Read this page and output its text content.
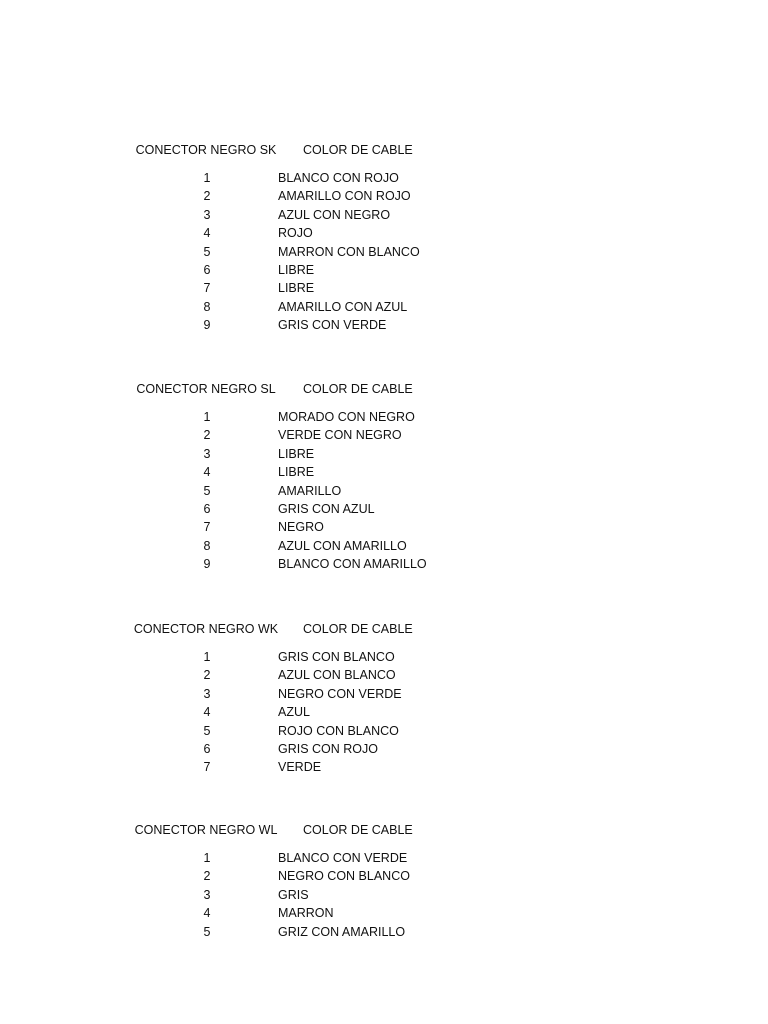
CONECTOR NEGRO SK COLOR DE CABLE
1	BLANCO CON ROJO
2	AMARILLO CON ROJO
3	AZUL CON NEGRO
4	ROJO
5	MARRON CON BLANCO
6	LIBRE
7	LIBRE
8	AMARILLO CON AZUL
9	GRIS CON VERDE
CONECTOR NEGRO SL COLOR DE CABLE
1	MORADO CON NEGRO
2	VERDE CON NEGRO
3	LIBRE
4	LIBRE
5	AMARILLO
6	GRIS CON AZUL
7	NEGRO
8	AZUL CON AMARILLO
9	BLANCO CON AMARILLO
CONECTOR NEGRO WK COLOR DE CABLE
1	GRIS CON BLANCO
2	AZUL CON BLANCO
3	NEGRO CON VERDE
4	AZUL
5	ROJO CON BLANCO
6	GRIS CON ROJO
7	VERDE
CONECTOR NEGRO WL COLOR DE CABLE
1	BLANCO CON VERDE
2	NEGRO CON BLANCO
3	GRIS
4	MARRON
5	GRIZ CON AMARILLO
